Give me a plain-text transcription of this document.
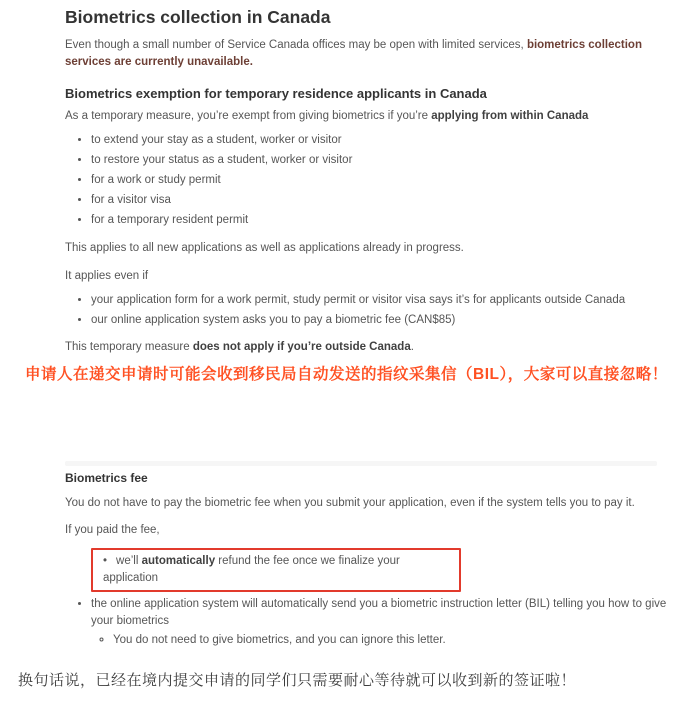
Biometrics collection in Canada

Even though a small number of Service Canada offices may be open with limited services, biometrics collection services are currently unavailable.

Biometrics exemption for temporary residence applicants in Canada

As a temporary measure, you’re exempt from giving biometrics if you’re applying from within Canada

• to extend your stay as a student, worker or visitor
• to restore your status as a student, worker or visitor
• for a work or study permit
• for a visitor visa
• for a temporary resident permit

This applies to all new applications as well as applications already in progress.

It applies even if

• your application form for a work permit, study permit or visitor visa says it’s for applicants outside Canada
• our online application system asks you to pay a biometric fee (CAN$85)

This temporary measure does not apply if you’re outside Canada.

申请人在递交申请时可能会收到移民局自动发送的指纹采集信（BIL），大家可以直接忽略！
Biometrics fee

You do not have to pay the biometric fee when you submit your application, even if the system tells you to pay it.

If you paid the fee,

• we’ll automatically refund the fee once we finalize your application
• the online application system will automatically send you a biometric instruction letter (BIL) telling you how to give your biometrics
◦ You do not need to give biometrics, and you can ignore this letter.
换句话说，已经在境内提交申请的同学们只需要耐心等待就可以收到新的签证啦！
